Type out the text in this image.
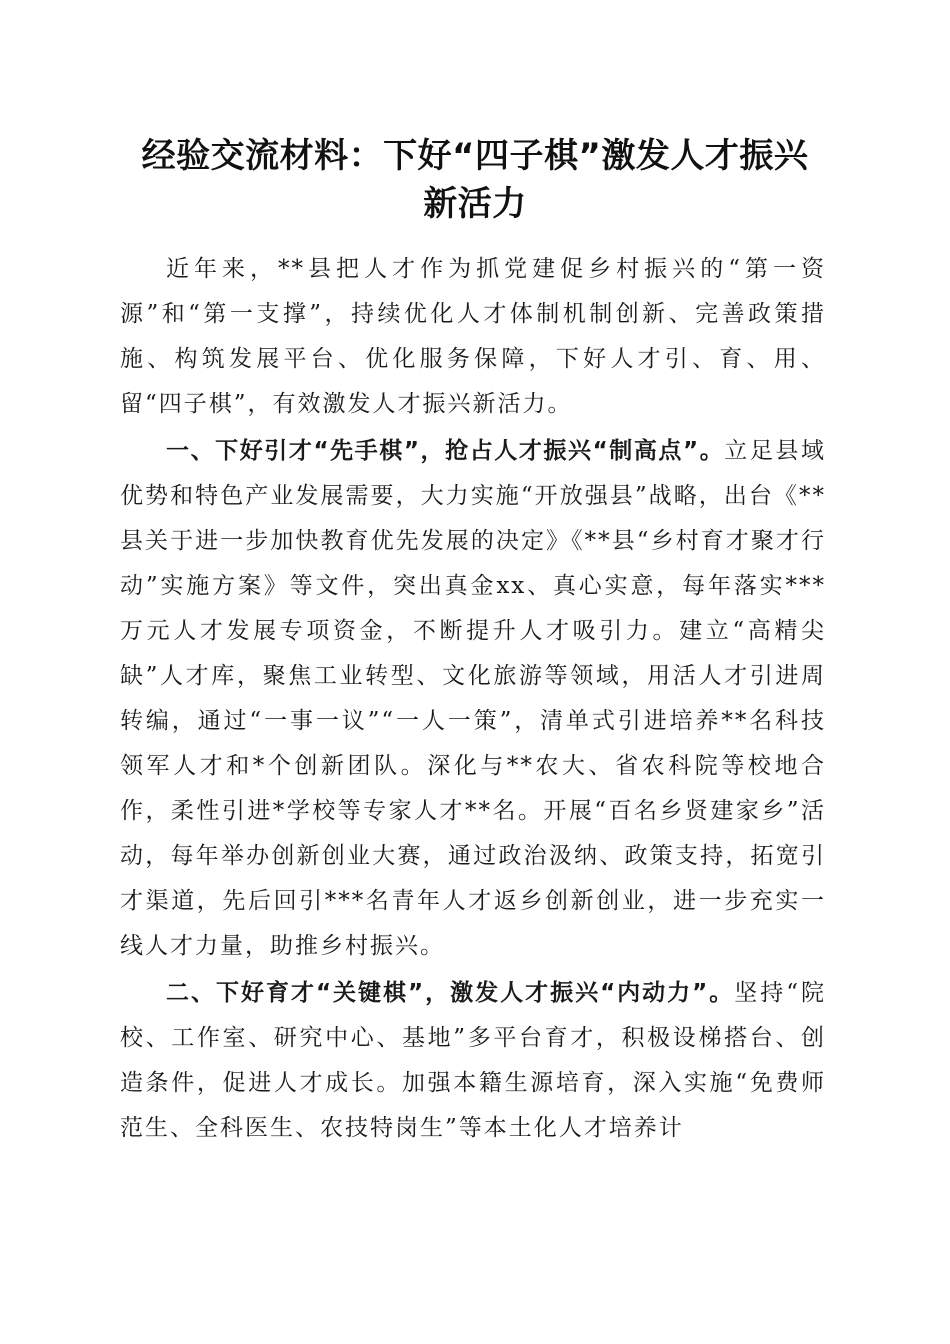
经验交流材料：下好“四子棋”激发人才振兴
新活力

近年来，**县把人才作为抓党建促乡村振兴的“第一资源”和“第一支撑”，持续优化人才体制机制创新、完善政策措施、构筑发展平台、优化服务保障，下好人才引、育、用、留“四子棋”，有效激发人才振兴新活力。

一、下好引才“先手棋”，抢占人才振兴“制高点”。立足县域优势和特色产业发展需要，大力实施“开放强县”战略，出台《**县关于进一步加快教育优先发展的决定》《**县“乡村育才聚才行动”实施方案》等文件，突出真金xx、真心实意，每年落实***万元人才发展专项资金，不断提升人才吸引力。建立“高精尖缺”人才库，聚焦工业转型、文化旅游等领域，用活人才引进周转编，通过“一事一议”“一人一策”，清单式引进培养**名科技领军人才和*个创新团队。深化与**农大、省农科院等校地合作，柔性引进*学校等专家人才**名。开展“百名乡贤建家乡”活动，每年举办创新创业大赛，通过政治汲纳、政策支持，拓宽引才渠道，先后回引***名青年人才返乡创新创业，进一步充实一线人才力量，助推乡村振兴。

二、下好育才“关键棋”，激发人才振兴“内动力”。坚持“院校、工作室、研究中心、基地”多平台育才，积极设梯搭台、创造条件，促进人才成长。加强本籍生源培育，深入实施“免费师范生、全科医生、农技特岗生”等本土化人才培养计
